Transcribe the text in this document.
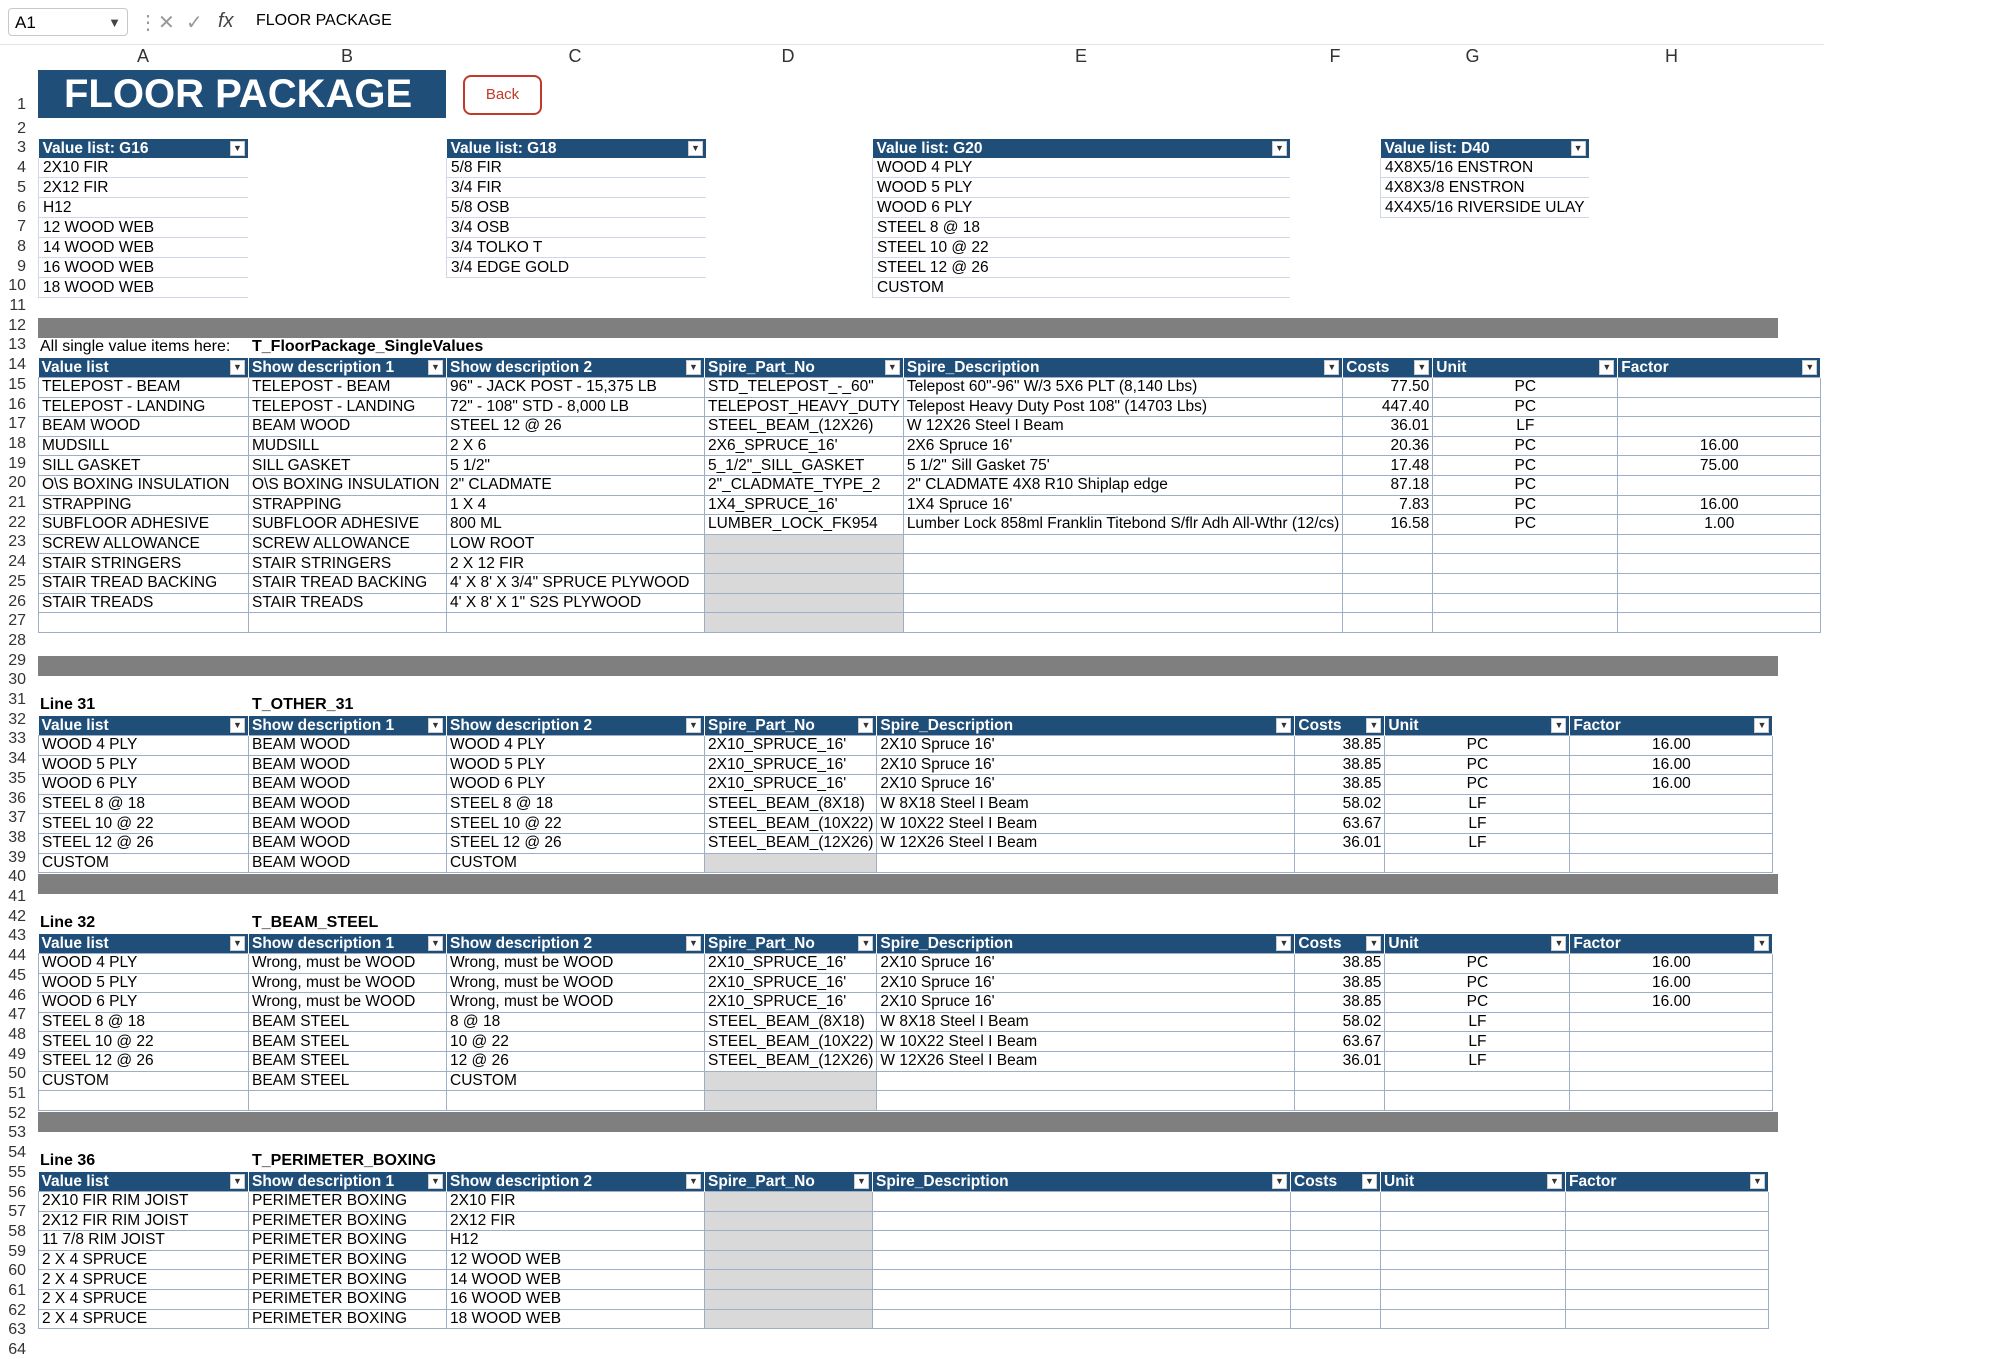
A1	▼ ⋮ ✕ ✓ fx FLOOR PACKAGE
A	B	C	D	E	F	G	H
1
2
3
4
5
6
7
8
9
10
11
12
13
14
15
16
17
18
19
20
21
22
23
24
25
26
27
28
29
30
31
32
33
34
35
36
37
38
39
40
41
42
43
44
45
46
47
48
49
50
51
52
53
54
55
56
57
58
59
60
61
62
63
64
FLOOR PACKAGE	Back
Value list: G16	▼

2X10 FIR
2X12 FIR
H12
12 WOOD WEB
14 WOOD WEB
16 WOOD WEB
18 WOOD WEB
Value list: G18	▼

5/8 FIR
3/4 FIR
5/8 OSB
3/4 OSB
3/4 TOLKO T
3/4 EDGE GOLD
Value list: G20	▼

WOOD 4 PLY
WOOD 5 PLY
WOOD 6 PLY
STEEL 8 @ 18
STEEL 10 @ 22
STEEL 12 @ 26
CUSTOM
Value list: D40	▼

4X8X5/16 ENSTRON
4X8X3/8 ENSTRON
4X4X5/16 RIVERSIDE ULAY
All single value items here: T_FloorPackage_SingleValues
Line 31	T_OTHER_31
Line 32	T_BEAM_STEEL
Line 36	T_PERIMETER_BOXING
Value list ▼	Show description 1 ▼	Show description 2 ▼	Spire_Part_No ▼	Spire_Description ▼	Costs ▼	Unit ▼	Factor ▼

TELEPOST - BEAM	TELEPOST - BEAM	96" - JACK POST - 15,375 LB	STD_TELEPOST_-_60"	Telepost 60"-96" W/3 5X6 PLT (8,140 Lbs)	77.50	PC	
TELEPOST - LANDING	TELEPOST - LANDING	72" - 108" STD - 8,000 LB	TELEPOST_HEAVY_DUTY	Telepost Heavy Duty Post 108" (14703 Lbs)	447.40	PC	
BEAM WOOD	BEAM WOOD	STEEL 12 @ 26	STEEL_BEAM_(12X26)	W 12X26 Steel I Beam	36.01	LF	
MUDSILL	MUDSILL	2 X 6	2X6_SPRUCE_16'	2X6 Spruce 16'	20.36	PC	16.00
SILL GASKET	SILL GASKET	5 1/2"	5_1/2"_SILL_GASKET	5 1/2" Sill Gasket 75'	17.48	PC	75.00
O\S BOXING INSULATION	O\S BOXING INSULATION	2" CLADMATE	2"_CLADMATE_TYPE_2	2" CLADMATE 4X8 R10 Shiplap edge	87.18	PC	
STRAPPING	STRAPPING	1 X 4	1X4_SPRUCE_16'	1X4 Spruce 16'	7.83	PC	16.00
SUBFLOOR ADHESIVE	SUBFLOOR ADHESIVE	800 ML	LUMBER_LOCK_FK954	Lumber Lock 858ml Franklin Titebond S/flr Adh All-Wthr (12/cs)	16.58	PC	1.00
SCREW ALLOWANCE	SCREW ALLOWANCE	LOW ROOT					
STAIR STRINGERS	STAIR STRINGERS	2 X 12 FIR					
STAIR TREAD BACKING	STAIR TREAD BACKING	4' X 8' X 3/4" SPRUCE PLYWOOD					
STAIR TREADS	STAIR TREADS	4' X 8' X 1" S2S PLYWOOD					

Value list ▼	Show description 1 ▼	Show description 2 ▼	Spire_Part_No ▼	Spire_Description ▼	Costs ▼	Unit ▼	Factor ▼

WOOD 4 PLY	BEAM WOOD	WOOD 4 PLY	2X10_SPRUCE_16'	2X10 Spruce 16'	38.85	PC	16.00
WOOD 5 PLY	BEAM WOOD	WOOD 5 PLY	2X10_SPRUCE_16'	2X10 Spruce 16'	38.85	PC	16.00
WOOD 6 PLY	BEAM WOOD	WOOD 6 PLY	2X10_SPRUCE_16'	2X10 Spruce 16'	38.85	PC	16.00
STEEL 8 @ 18	BEAM WOOD	STEEL 8 @ 18	STEEL_BEAM_(8X18)	W 8X18 Steel I Beam	58.02	LF	
STEEL 10 @ 22	BEAM WOOD	STEEL 10 @ 22	STEEL_BEAM_(10X22)	W 10X22 Steel I Beam	63.67	LF	
STEEL 12 @ 26	BEAM WOOD	STEEL 12 @ 26	STEEL_BEAM_(12X26)	W 12X26 Steel I Beam	36.01	LF	
CUSTOM	BEAM WOOD	CUSTOM					
Value list ▼	Show description 1 ▼	Show description 2 ▼	Spire_Part_No ▼	Spire_Description ▼	Costs ▼	Unit ▼	Factor ▼

WOOD 4 PLY	Wrong, must be WOOD	Wrong, must be WOOD	2X10_SPRUCE_16'	2X10 Spruce 16'	38.85	PC	16.00
WOOD 5 PLY	Wrong, must be WOOD	Wrong, must be WOOD	2X10_SPRUCE_16'	2X10 Spruce 16'	38.85	PC	16.00
WOOD 6 PLY	Wrong, must be WOOD	Wrong, must be WOOD	2X10_SPRUCE_16'	2X10 Spruce 16'	38.85	PC	16.00
STEEL 8 @ 18	BEAM STEEL	8 @ 18	STEEL_BEAM_(8X18)	W 8X18 Steel I Beam	58.02	LF	
STEEL 10 @ 22	BEAM STEEL	10 @ 22	STEEL_BEAM_(10X22)	W 10X22 Steel I Beam	63.67	LF	
STEEL 12 @ 26	BEAM STEEL	12 @ 26	STEEL_BEAM_(12X26)	W 12X26 Steel I Beam	36.01	LF	
CUSTOM	BEAM STEEL	CUSTOM					

Value list ▼	Show description 1 ▼	Show description 2 ▼	Spire_Part_No ▼	Spire_Description ▼	Costs ▼	Unit ▼	Factor ▼

2X10 FIR RIM JOIST	PERIMETER BOXING	2X10 FIR					
2X12 FIR RIM JOIST	PERIMETER BOXING	2X12 FIR					
11 7/8 RIM JOIST	PERIMETER BOXING	H12					
2 X 4 SPRUCE	PERIMETER BOXING	12 WOOD WEB					
2 X 4 SPRUCE	PERIMETER BOXING	14 WOOD WEB					
2 X 4 SPRUCE	PERIMETER BOXING	16 WOOD WEB					
2 X 4 SPRUCE	PERIMETER BOXING	18 WOOD WEB					
